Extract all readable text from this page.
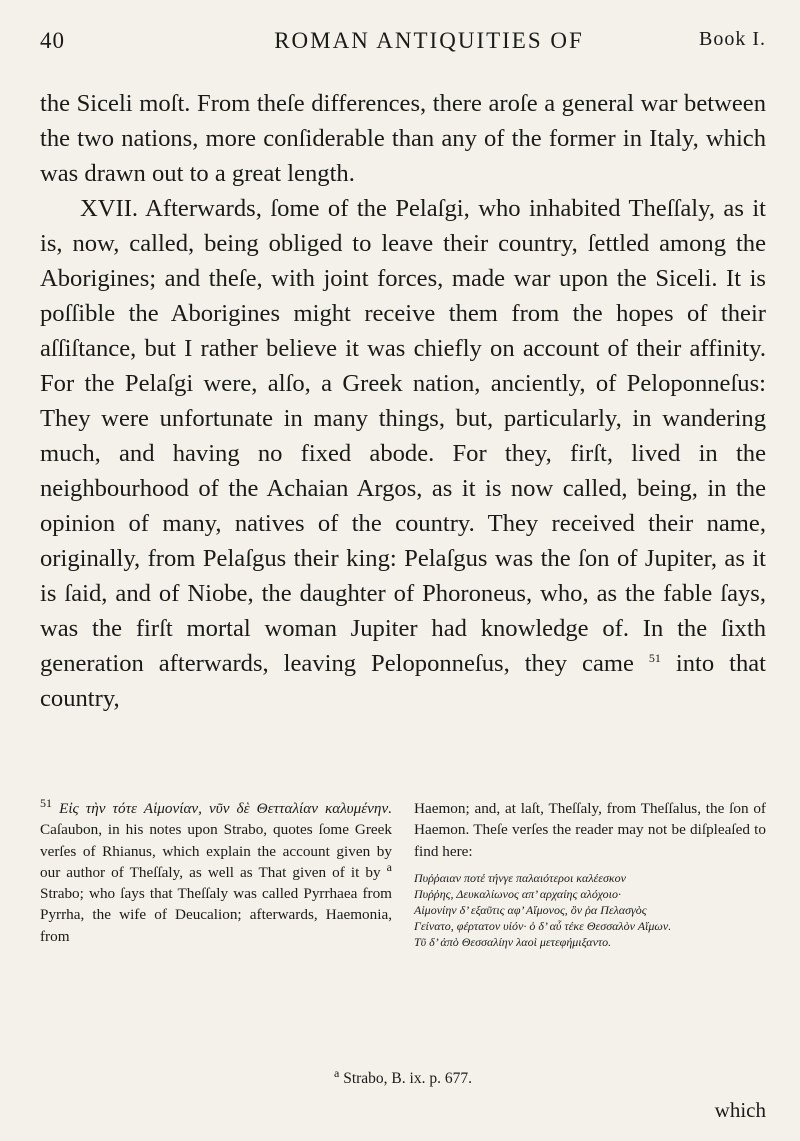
40	ROMAN ANTIQUITIES OF	Book I.

the Siceli moſt. From theſe differences, there aroſe a general war between the two nations, more conſiderable than any of the former in Italy, which was drawn out to a great length.

XVII. Afterwards, ſome of the Pelaſgi, who inhabited Theſſaly, as it is, now, called, being obliged to leave their country, ſettled among the Aborigines; and theſe, with joint forces, made war upon the Siceli. It is poſſible the Aborigines might receive them from the hopes of their aſſiſtance, but I rather believe it was chiefly on account of their affinity. For the Pelaſgi were, alſo, a Greek nation, anciently, of Peloponneſus: They were unfortunate in many things, but, particularly, in wandering much, and having no fixed abode. For they, firſt, lived in the neighbourhood of the Achaian Argos, as it is now called, being, in the opinion of many, natives of the country. They received their name, originally, from Pelaſgus their king: Pelaſgus was the ſon of Jupiter, as it is ſaid, and of Niobe, the daughter of Phoroneus, who, as the fable ſays, was the firſt mortal woman Jupiter had knowledge of. In the ſixth generation afterwards, leaving Peloponneſus, they came $^{51}$ into that country,

$^{51}$ Εἰς τὴν τότε Αἱμονίαν, νῦν δὲ Θετταλίαν καλυμένην. Caſaubon, in his notes upon Strabo, quotes ſome Greek verſes of Rhianus, which explain the account given by our author of Theſſaly, as well as That given of it by $^a$ Strabo; who ſays that Theſſaly was called Pyrrhaea from Pyrrha, the wife of Deucalion; afterwards, Haemonia, from

Haemon; and, at laſt, Theſſaly, from Theſſalus, the ſon of Haemon. Theſe verſes the reader may not be diſpleaſed to find here:

Πυῤῥαιαν ποτέ τήνγε παλαιότεροι καλέεσκον
Πυῤῥης, Δευκαλίωνος απ’ αρχαίης αλόχοιο·
Αἱμονίην δ’ εξαῦτις αφ’ Αἵμονος, ὃν ῥα Πελασγὸς
Γείνατο, φέρτατον υἱόν· ὁ δ’ αὖ τέκε Θεσσαλὸν Αἵμων.
Τῦ δ’ ἀπὸ Θεσσαλίην λαοὶ μετεφήμιξαντο.

$^a$ Strabo, B. ix. p. 677.
which
